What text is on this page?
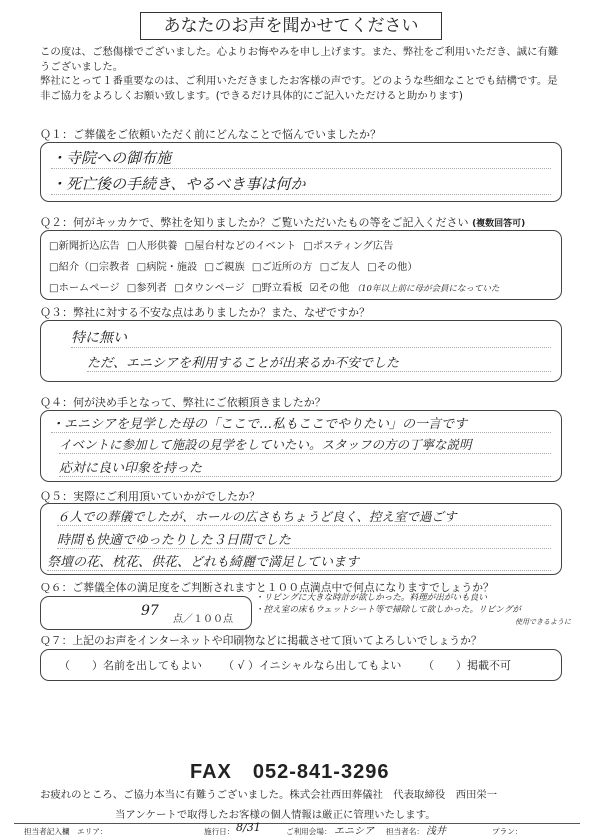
あなたのお声を聞かせてください
この度は、ご愁傷様でございました。心よりお悔やみを申し上げます。また、弊社をご利用いただき、誠に有難うございました。
弊社にとって１番重要なのは、ご利用いただきましたお客様の声です。どのような些細なことでも結構です。是非ご協力をよろしくお願い致します。(できるだけ具体的にご記入いただけると助かります)
Ｑ１：ご葬儀をご依頼いただく前にどんなことで悩んでいましたか？
・寺院への御布施
・死亡後の手続き、やるべき事は何か
Ｑ２：何がキッカケで、弊社を知りましたか？ご覧いただいたもの等をご記入ください (複数回答可)
□新聞折込広告 □人形供養 □屋台村などのイベント □ポスティング広告
□紹介（□宗教者 □病院・施設 □ご親族 □ご近所の方 □ご友人 □その他）
□ホームページ □参列者 □タウンページ □野立看板 ☑その他 （10年以上前に母が会員になっていた
Ｑ３：弊社に対する不安な点はありましたか？また、なぜですか？
特に無い
ただ、エニシアを利用することが出来るか不安でした
Ｑ４：何が決め手となって、弊社にご依頼頂きましたか？
・エニシアを見学した母の「ここで…私もここでやりたい」の一言です
イベントに参加して施設の見学をしていたい。スタッフの方の丁寧な説明
応対に良い印象を持った
Ｑ５：実際にご利用頂いていかがでしたか？
６人での葬儀でしたが、ホールの広さもちょうど良く、控え室で過ごす
時間も快適でゆったりした３日間でした
祭壇の花、枕花、供花、どれも綺麗で満足しています
Ｑ６：ご葬儀全体の満足度をご判断されますと１００点満点中で何点になりますでしょうか？
97
点／１００点
・リビングに大きな時計が欲しかった。料理が出がいも良い
・控え室の床もウェットシート等で掃除して欲しかった。リビングが
使用できるように
Ｑ７：上記のお声をインターネットや印刷物などに掲載させて頂いてよろしいでしょうか？
（　　）名前を出してもよい （ √ ）イニシャルなら出してもよい （　　）掲載不可
FAX　052-841-3296
お疲れのところ、ご協力本当に有難うございました。株式会社西田葬儀社　代表取締役　西田栄一
当アンケートで取得したお客様の個人情報は厳正に管理いたします。
担当者記入欄　エリア：	施行日： 8/31	ご利用会場： エニシア 担当者名： 浅井	プラン：
